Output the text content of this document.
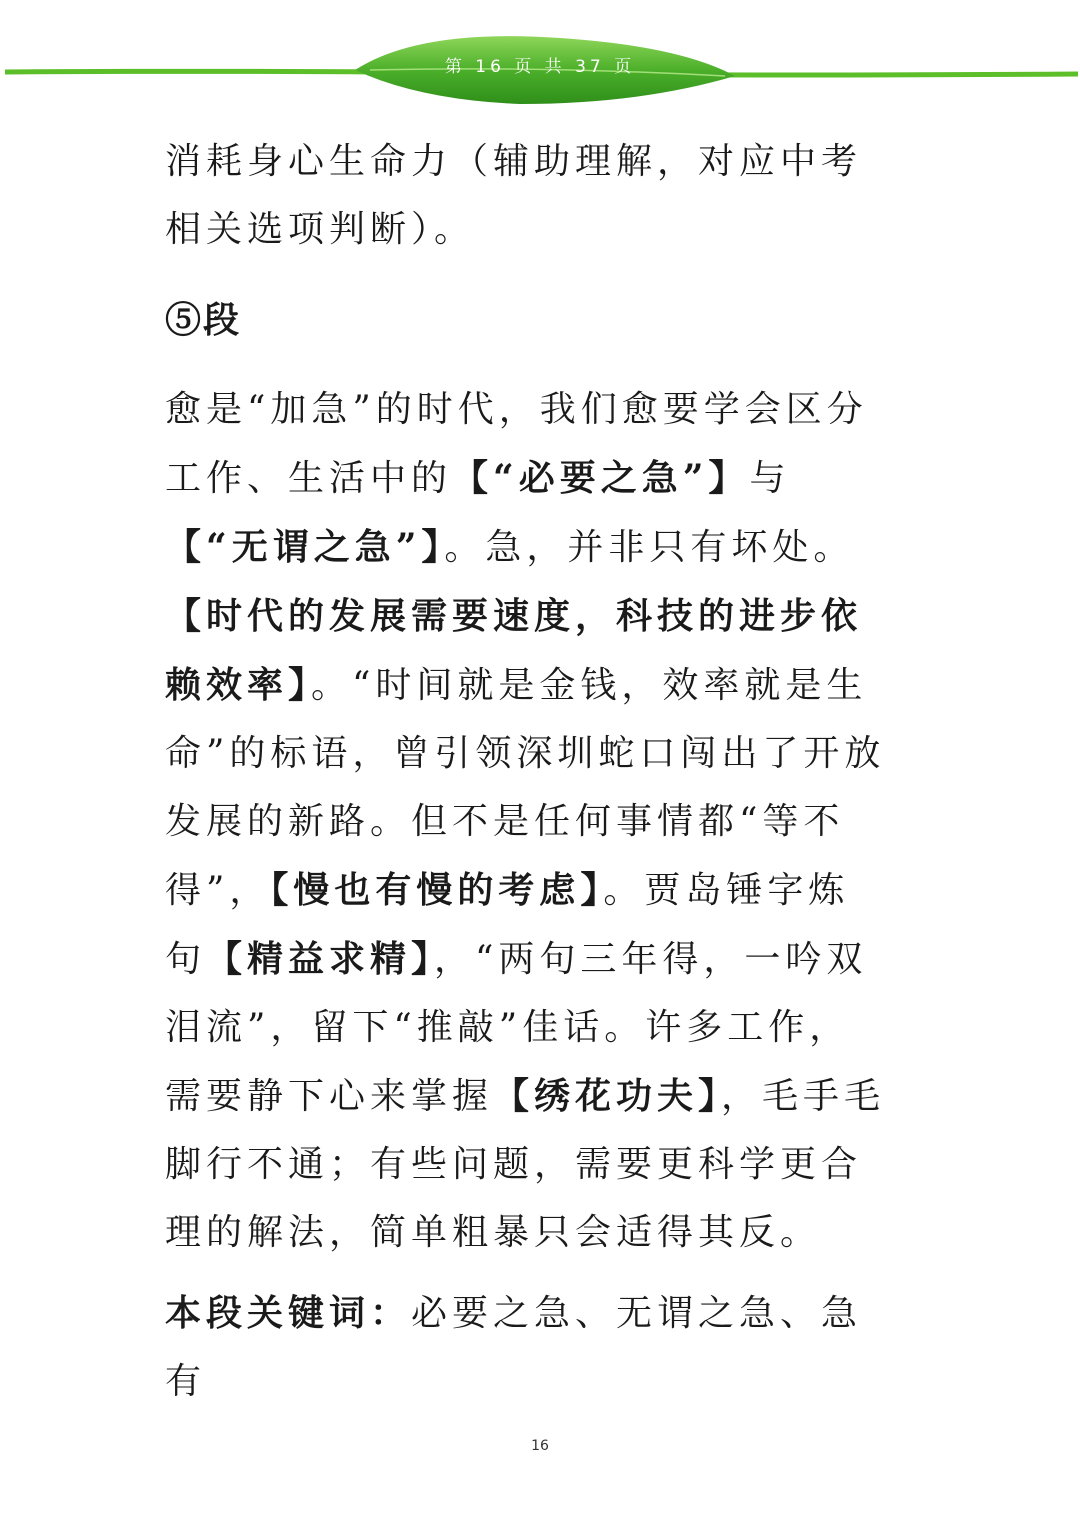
第 16 页 共 37 页

消耗身心生命力（辅助理解，对应中考相关选项判断）。

⑤段

愈是“加急”的时代，我们愈要学会区分工作、生活中的【“必要之急”】与【“无谓之急”】。急，并非只有坏处。【时代的发展需要速度，科技的进步依赖效率】。“时间就是金钱，效率就是生命”的标语，曾引领深圳蛇口闯出了开放发展的新路。但不是任何事情都“等不得”，【慢也有慢的考虑】。贾岛锤字炼句【精益求精】，“两句三年得，一吟双泪流”，留下“推敲”佳话。许多工作，需要静下心来掌握【绣花功夫】，毛手毛脚行不通；有些问题，需要更科学更合理的解法，简单粗暴只会适得其反。

本段关键词：必要之急、无谓之急、急有

16
